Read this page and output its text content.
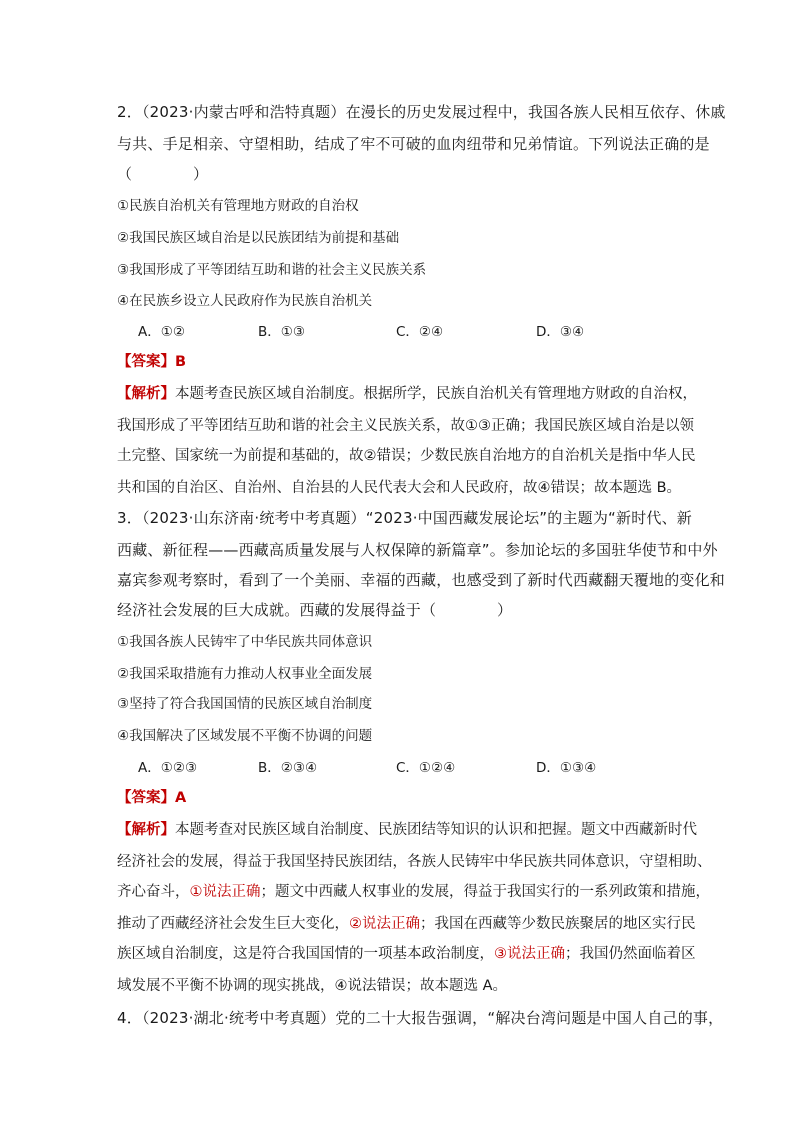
2．（2023·内蒙古呼和浩特真题）在漫长的历史发展过程中，我国各族人民相互依存、休戚
与共、手足相亲、守望相助，结成了牢不可破的血肉纽带和兄弟情谊。下列说法正确的是
（　　　　）
①民族自治机关有管理地方财政的自治权
②我国民族区域自治是以民族团结为前提和基础
③我国形成了平等团结互助和谐的社会主义民族关系
④在民族乡设立人民政府作为民族自治机关
A．①②	B．①③	C．②④	D．③④
【答案】B
【解析】本题考查民族区域自治制度。根据所学，民族自治机关有管理地方财政的自治权，
我国形成了平等团结互助和谐的社会主义民族关系，故①③正确；我国民族区域自治是以领
土完整、国家统一为前提和基础的，故②错误；少数民族自治地方的自治机关是指中华人民
共和国的自治区、自治州、自治县的人民代表大会和人民政府，故④错误；故本题选 B。
3．（2023·山东济南·统考中考真题）“2023·中国西藏发展论坛”的主题为“新时代、新
西藏、新征程——西藏高质量发展与人权保障的新篇章”。参加论坛的多国驻华使节和中外
嘉宾参观考察时，看到了一个美丽、幸福的西藏，也感受到了新时代西藏翻天覆地的变化和
经济社会发展的巨大成就。西藏的发展得益于（　　　　）
①我国各族人民铸牢了中华民族共同体意识
②我国采取措施有力推动人权事业全面发展
③坚持了符合我国国情的民族区域自治制度
④我国解决了区域发展不平衡不协调的问题
A．①②③	B．②③④	C．①②④	D．①③④
【答案】A
【解析】本题考查对民族区域自治制度、民族团结等知识的认识和把握。题文中西藏新时代
经济社会的发展，得益于我国坚持民族团结，各族人民铸牢中华民族共同体意识，守望相助、
齐心奋斗，①说法正确；题文中西藏人权事业的发展，得益于我国实行的一系列政策和措施，
推动了西藏经济社会发生巨大变化，②说法正确；我国在西藏等少数民族聚居的地区实行民
族区域自治制度，这是符合我国国情的一项基本政治制度，③说法正确；我国仍然面临着区
域发展不平衡不协调的现实挑战，④说法错误；故本题选 A。
4．（2023·湖北·统考中考真题）党的二十大报告强调，“解决台湾问题是中国人自己的事，
